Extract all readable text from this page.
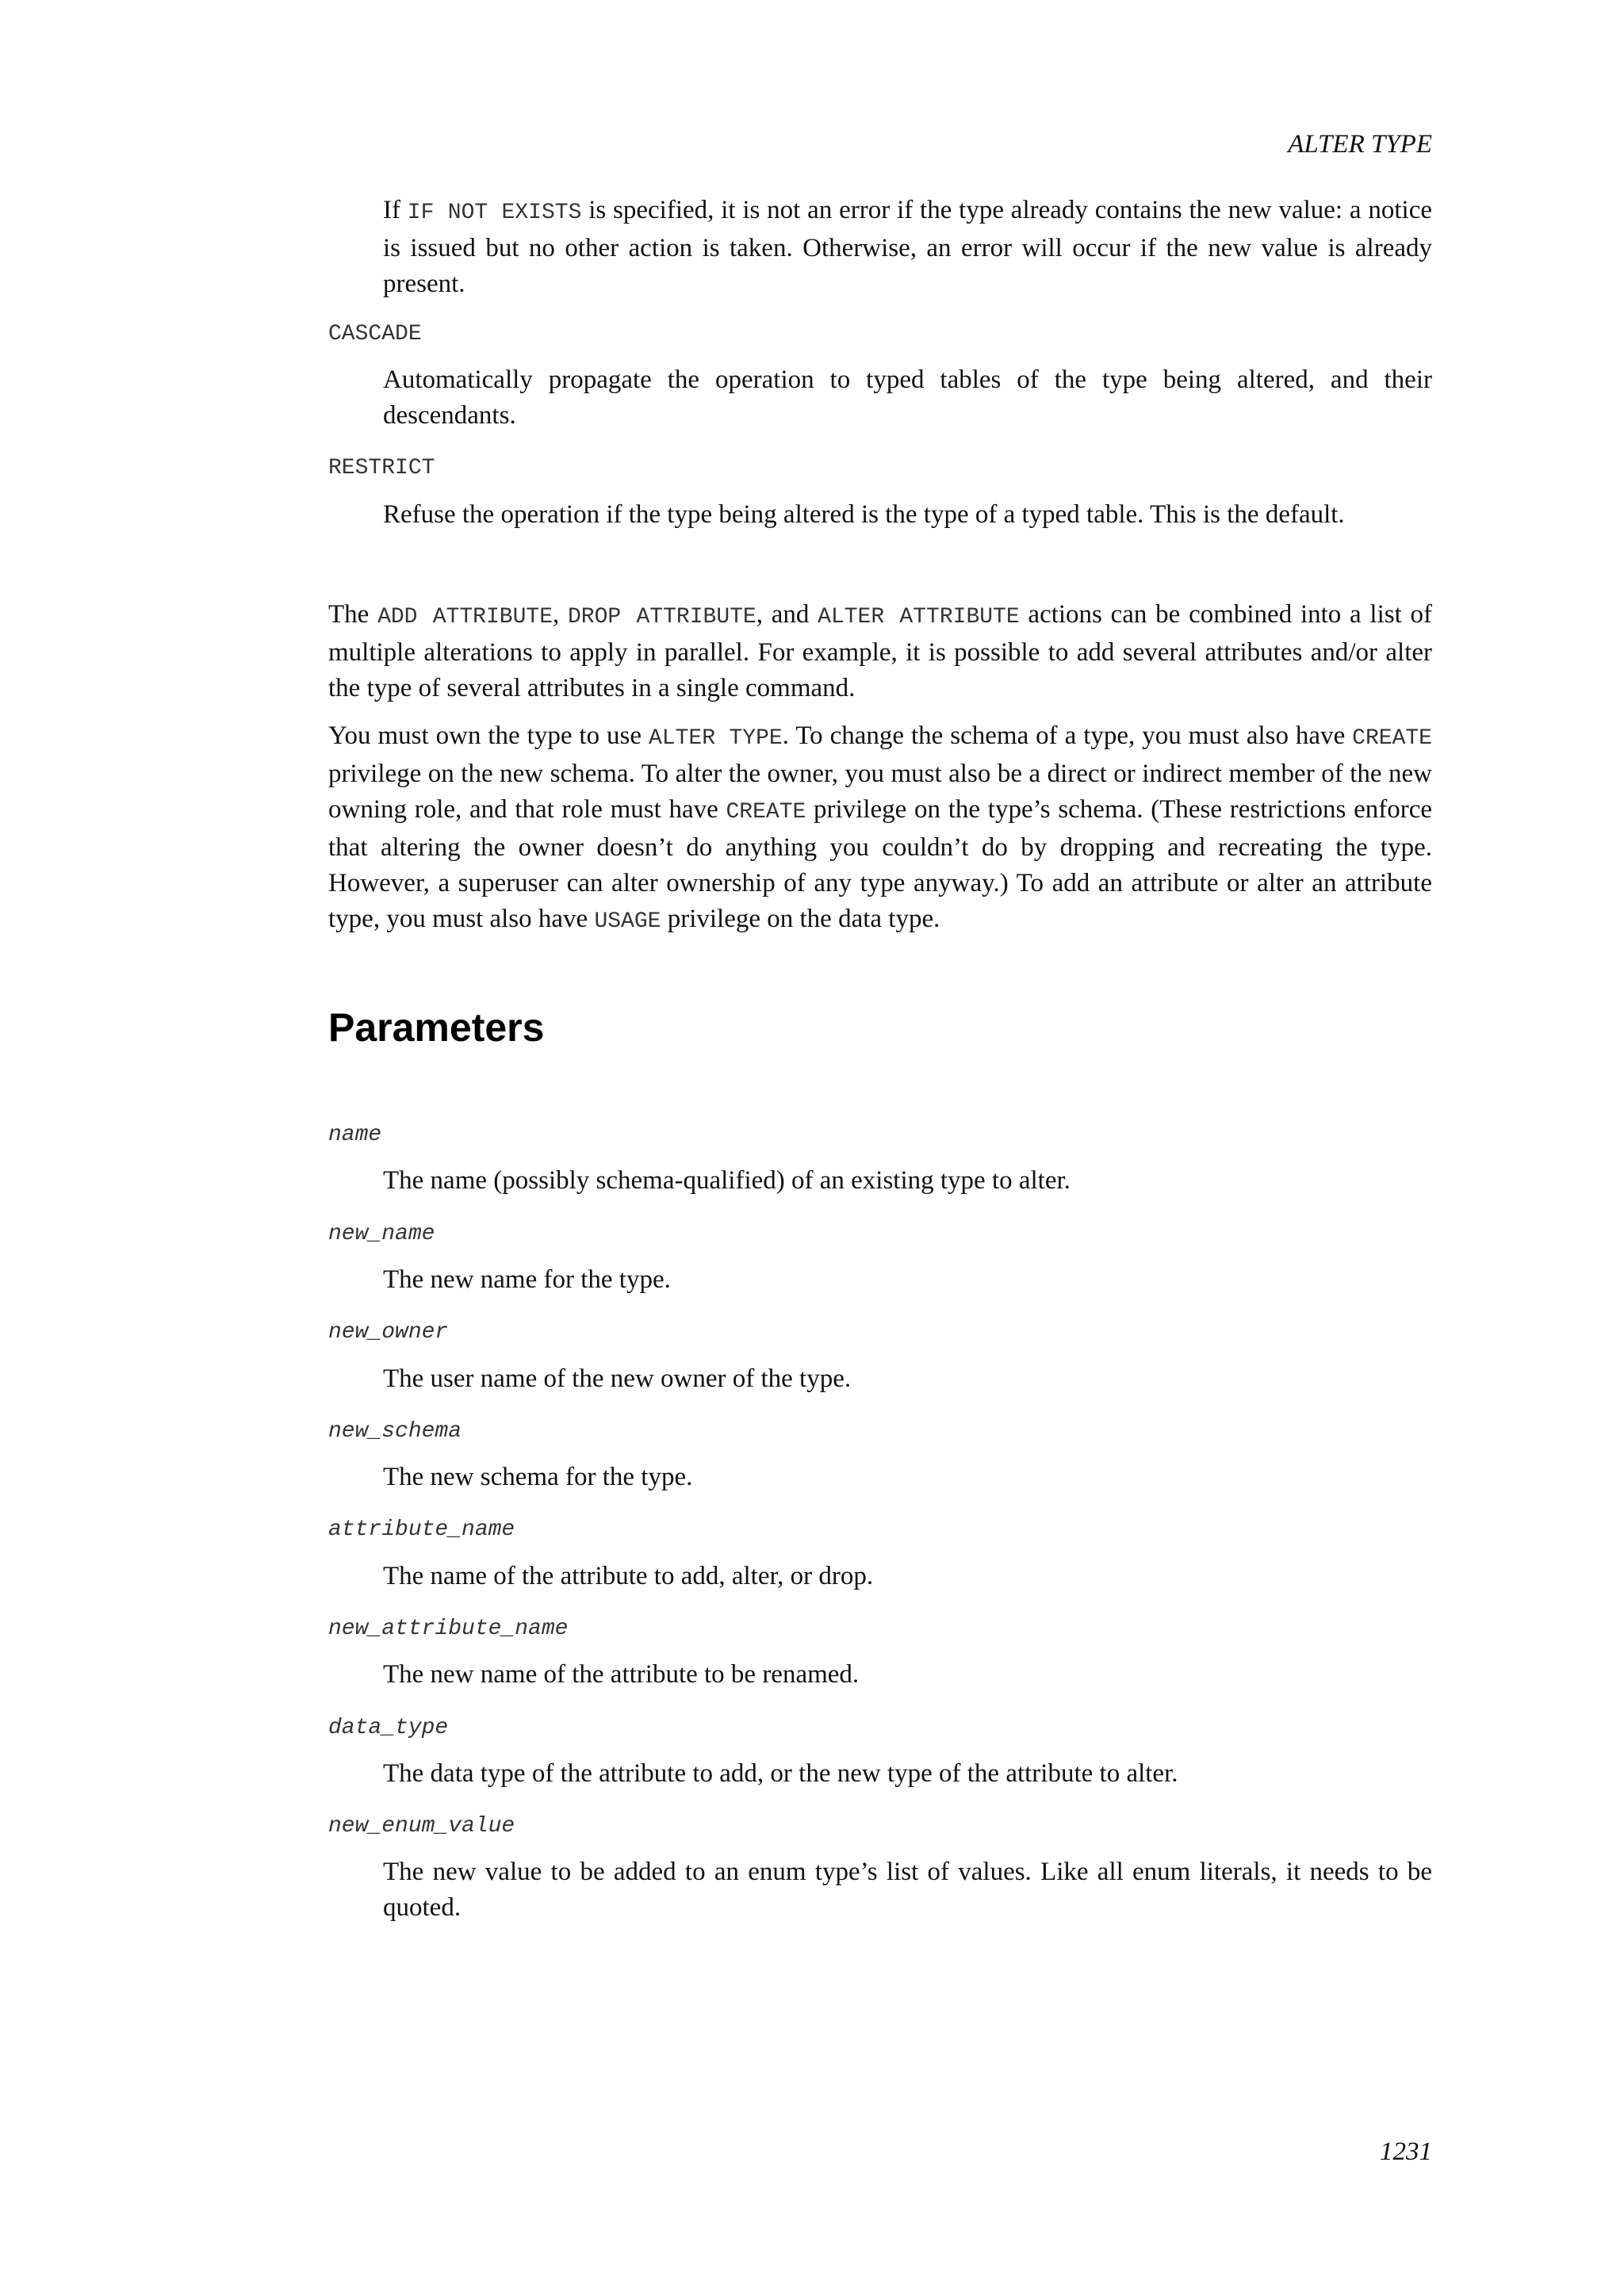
ALTER TYPE

If IF NOT EXISTS is specified, it is not an error if the type already contains the new value: a notice is issued but no other action is taken. Otherwise, an error will occur if the new value is already present.

CASCADE

Automatically propagate the operation to typed tables of the type being altered, and their descendants.

RESTRICT

Refuse the operation if the type being altered is the type of a typed table. This is the default.

The ADD ATTRIBUTE, DROP ATTRIBUTE, and ALTER ATTRIBUTE actions can be combined into a list of multiple alterations to apply in parallel. For example, it is possible to add several attributes and/or alter the type of several attributes in a single command.

You must own the type to use ALTER TYPE. To change the schema of a type, you must also have CREATE privilege on the new schema. To alter the owner, you must also be a direct or indirect member of the new owning role, and that role must have CREATE privilege on the type’s schema. (These restrictions enforce that altering the owner doesn’t do anything you couldn’t do by dropping and recreating the type. However, a superuser can alter ownership of any type anyway.) To add an attribute or alter an attribute type, you must also have USAGE privilege on the data type.

Parameters
name

The name (possibly schema-qualified) of an existing type to alter.

new_name

The new name for the type.

new_owner

The user name of the new owner of the type.

new_schema

The new schema for the type.

attribute_name

The name of the attribute to add, alter, or drop.

new_attribute_name

The new name of the attribute to be renamed.

data_type

The data type of the attribute to add, or the new type of the attribute to alter.

new_enum_value

The new value to be added to an enum type’s list of values. Like all enum literals, it needs to be quoted.

1231
